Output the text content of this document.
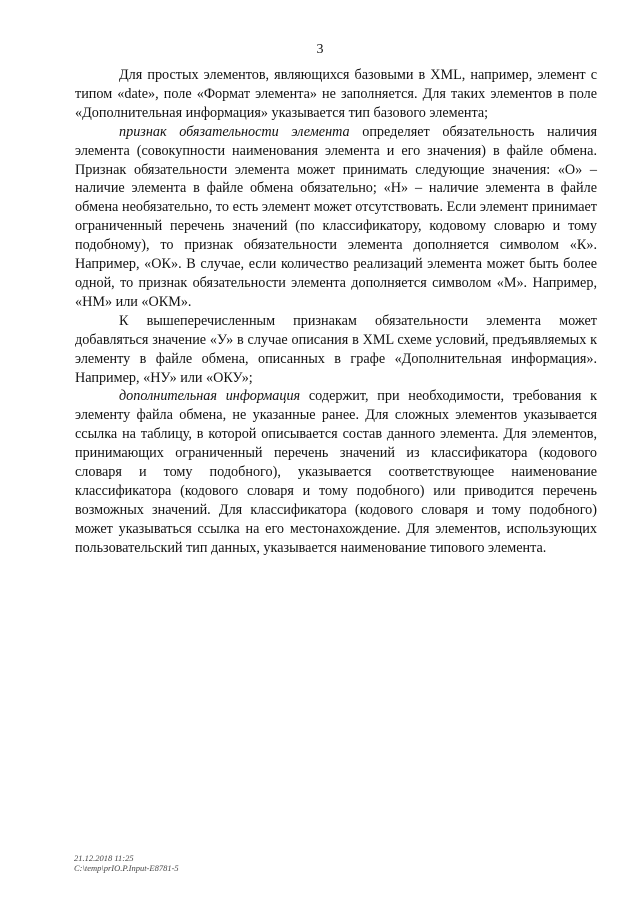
3

Для простых элементов, являющихся базовыми в XML, например, элемент с типом «date», поле «Формат элемента» не заполняется. Для таких элементов в поле «Дополнительная информация» указывается тип базового элемента;

признак обязательности элемента определяет обязательность наличия элемента (совокупности наименования элемента и его значения) в файле обмена. Признак обязательности элемента может принимать следующие значения: «О» – наличие элемента в файле обмена обязательно; «Н» – наличие элемента в файле обмена необязательно, то есть элемент может отсутствовать. Если элемент принимает ограниченный перечень значений (по классификатору, кодовому словарю и тому подобному), то признак обязательности элемента дополняется символом «К». Например, «ОК». В случае, если количество реализаций элемента может быть более одной, то признак обязательности элемента дополняется символом «М». Например, «НМ» или «ОКМ».

К вышеперечисленным признакам обязательности элемента может добавляться значение «У» в случае описания в XML схеме условий, предъявляемых к элементу в файле обмена, описанных в графе «Дополнительная информация». Например, «НУ» или «ОКУ»;

дополнительная информация содержит, при необходимости, требования к элементу файла обмена, не указанные ранее. Для сложных элементов указывается ссылка на таблицу, в которой описывается состав данного элемента. Для элементов, принимающих ограниченный перечень значений из классификатора (кодового словаря и тому подобного), указывается соответствующее наименование классификатора (кодового словаря и тому подобного) или приводится перечень возможных значений. Для классификатора (кодового словаря и тому подобного) может указываться ссылка на его местонахождение. Для элементов, использующих пользовательский тип данных, указывается наименование типового элемента.

21.12.2018 11:25
C:\temp\prIO.P.Input-E8781-5
